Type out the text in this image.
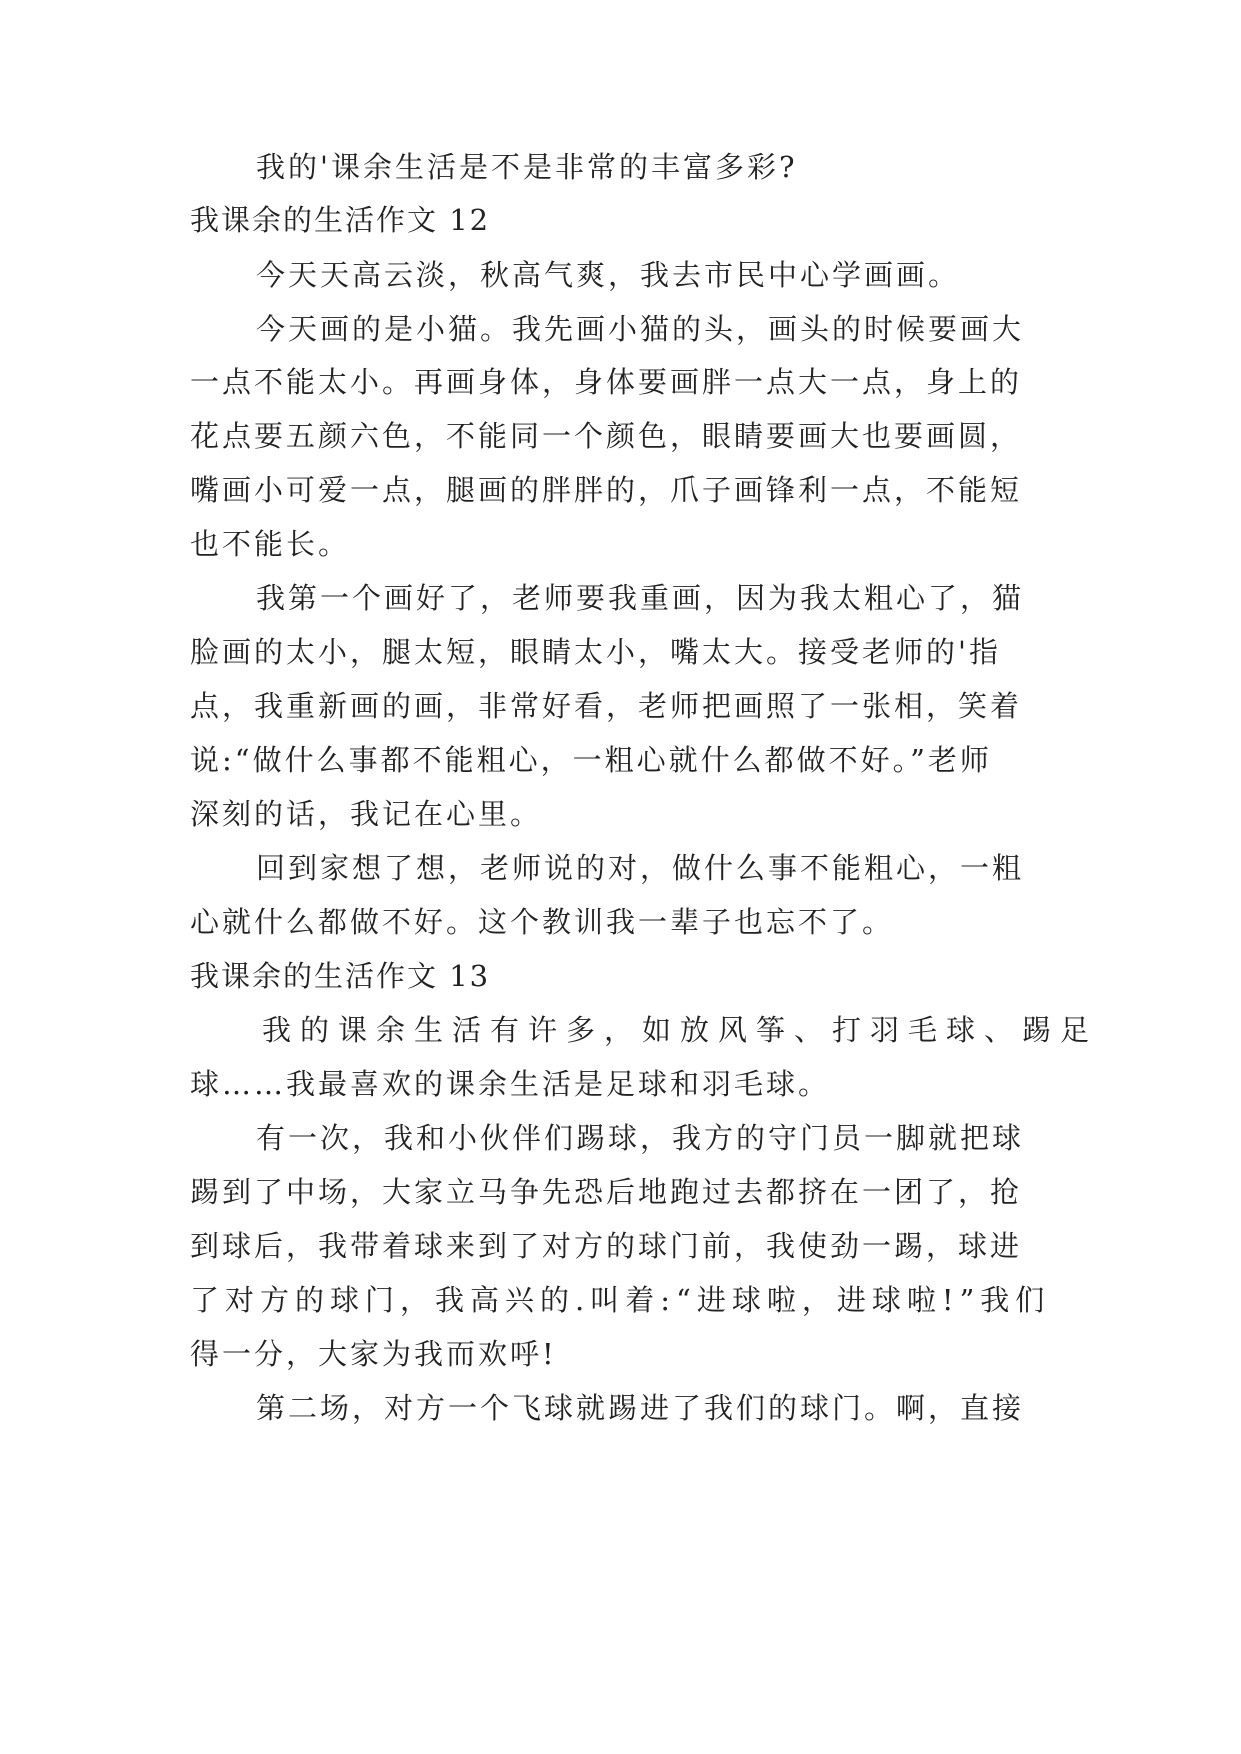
我的'课余生活是不是非常的丰富多彩?
我课余的生活作文 12
今天天高云淡，秋高气爽，我去市民中心学画画。
今天画的是小猫。我先画小猫的头，画头的时候要画大
一点不能太小。再画身体，身体要画胖一点大一点，身上的
花点要五颜六色，不能同一个颜色，眼睛要画大也要画圆，
嘴画小可爱一点，腿画的胖胖的，爪子画锋利一点，不能短
也不能长。
我第一个画好了，老师要我重画，因为我太粗心了，猫
脸画的太小，腿太短，眼睛太小，嘴太大。接受老师的'指
点，我重新画的画，非常好看，老师把画照了一张相，笑着
说:“做什么事都不能粗心，一粗心就什么都做不好。”老师
深刻的话，我记在心里。
回到家想了想，老师说的对，做什么事不能粗心，一粗
心就什么都做不好。这个教训我一辈子也忘不了。
我课余的生活作文 13
我的课余生活有许多，如放风筝、打羽毛球、踢足
球……我最喜欢的课余生活是足球和羽毛球。
有一次，我和小伙伴们踢球，我方的守门员一脚就把球
踢到了中场，大家立马争先恐后地跑过去都挤在一团了，抢
到球后，我带着球来到了对方的球门前，我使劲一踢，球进
了对方的球门，我高兴的.叫着:“进球啦，进球啦!”我们
得一分，大家为我而欢呼!
第二场，对方一个飞球就踢进了我们的球门。啊，直接
